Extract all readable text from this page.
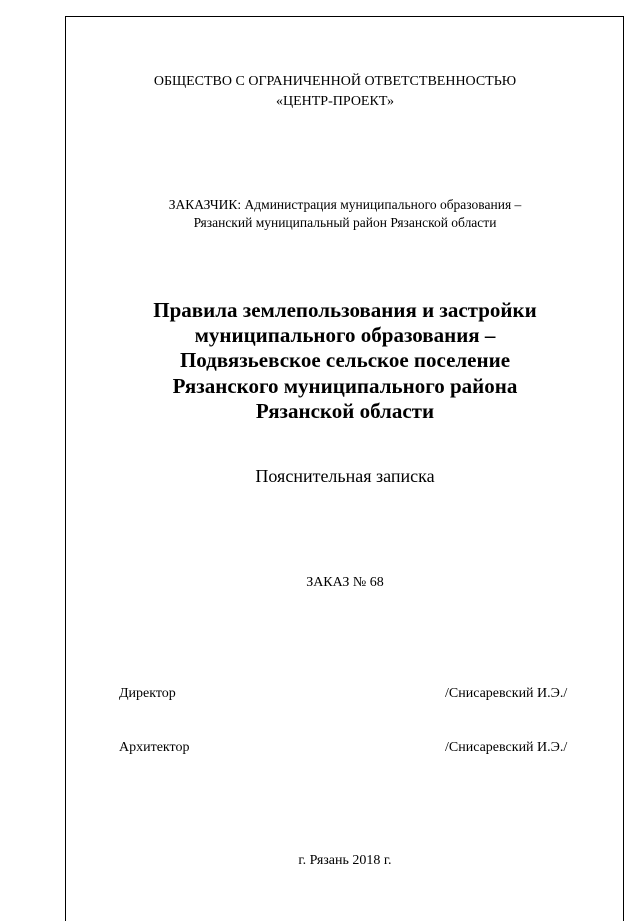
ОБЩЕСТВО С ОГРАНИЧЕННОЙ ОТВЕТСТВЕННОСТЬЮ
«ЦЕНТР-ПРОЕКТ»
ЗАКАЗЧИК: Администрация муниципального образования –
Рязанский муниципальный район Рязанской области
Правила землепользования и застройки
муниципального образования –
Подвязьевское сельское поселение
Рязанского муниципального района
Рязанской области
Пояснительная записка
ЗАКАЗ № 68
Директор	/Снисаревский И.Э./
Архитектор	/Снисаревский И.Э./
г. Рязань 2018 г.
